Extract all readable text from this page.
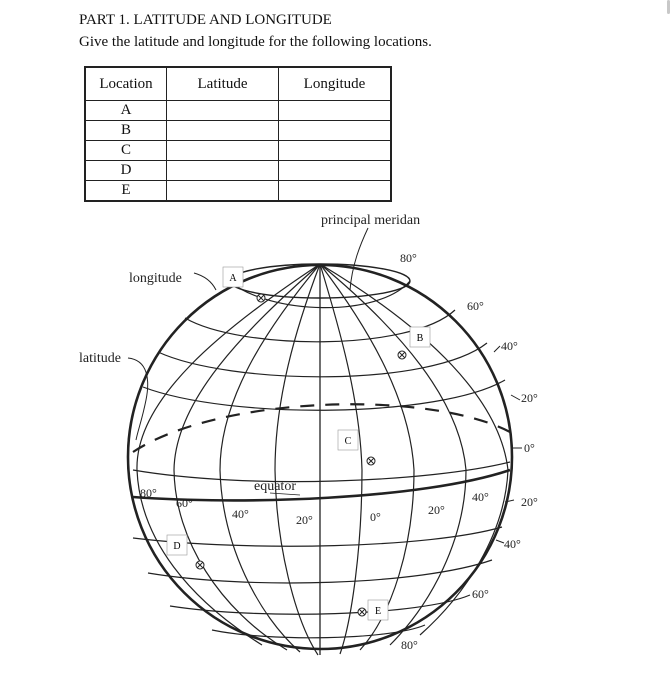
PART 1. LATITUDE AND LONGITUDE
Give the latitude and longitude for the following locations.
Location	Latitude	Longitude
A		
B		
C		
D		
E		
A
B
C
D
E
principal meridan
longitude
latitude
equator
80°
60°
40°
20°
0°
20°
40°
60°
80°
80°
60°
40°	20°	0°	20°
40°
